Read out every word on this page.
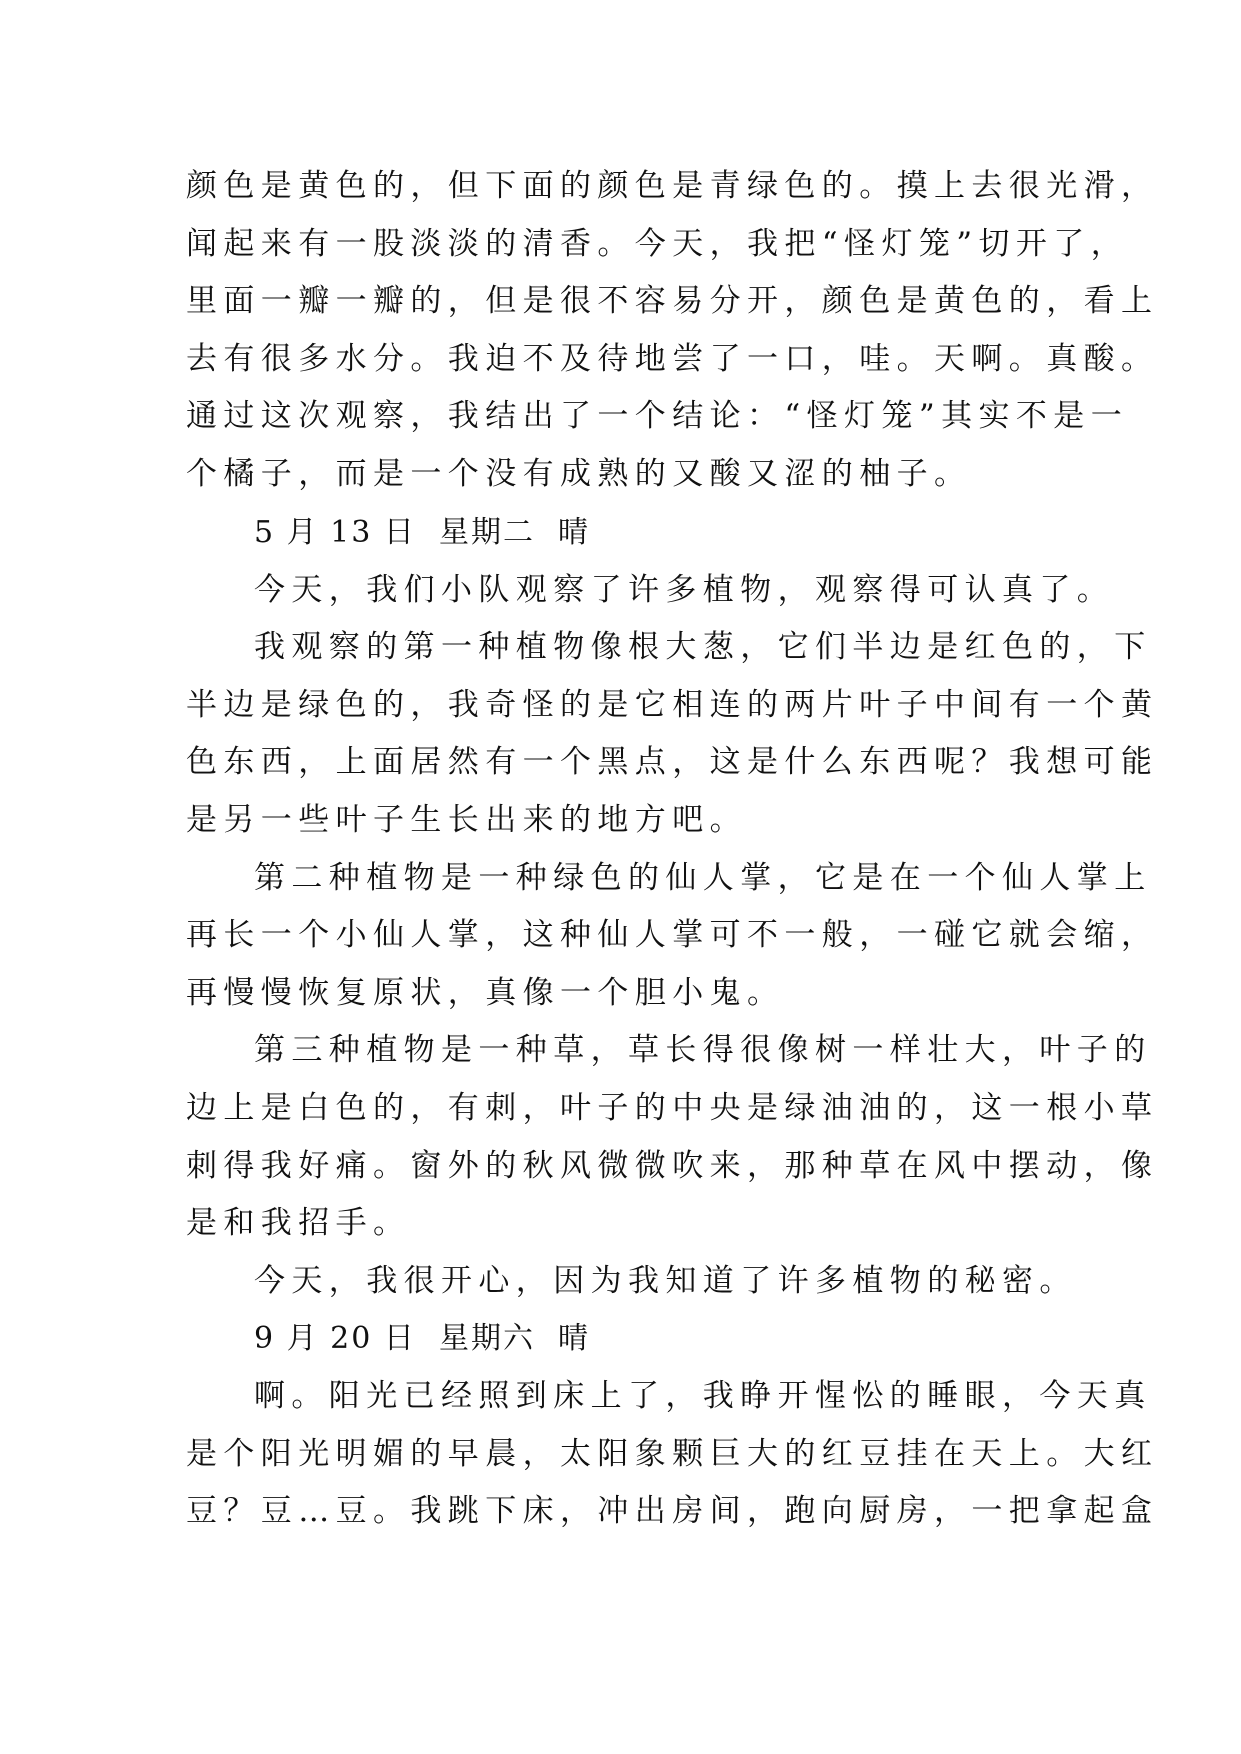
颜色是黄色的，但下面的颜色是青绿色的。摸上去很光滑，
闻起来有一股淡淡的清香。今天，我把“怪灯笼”切开了，
里面一瓣一瓣的，但是很不容易分开，颜色是黄色的，看上
去有很多水分。我迫不及待地尝了一口，哇。天啊。真酸。
通过这次观察，我结出了一个结论：“怪灯笼”其实不是一
个橘子，而是一个没有成熟的又酸又涩的柚子。
5 月 13 日  星期二  晴
今天，我们小队观察了许多植物，观察得可认真了。
我观察的第一种植物像根大葱，它们半边是红色的，下
半边是绿色的，我奇怪的是它相连的两片叶子中间有一个黄
色东西，上面居然有一个黑点，这是什么东西呢？我想可能
是另一些叶子生长出来的地方吧。
第二种植物是一种绿色的仙人掌，它是在一个仙人掌上
再长一个小仙人掌，这种仙人掌可不一般，一碰它就会缩，
再慢慢恢复原状，真像一个胆小鬼。
第三种植物是一种草，草长得很像树一样壮大，叶子的
边上是白色的，有刺，叶子的中央是绿油油的，这一根小草
刺得我好痛。窗外的秋风微微吹来，那种草在风中摆动，像
是和我招手。
今天，我很开心，因为我知道了许多植物的秘密。
9 月 20 日  星期六  晴
啊。阳光已经照到床上了，我睁开惺忪的睡眼，今天真
是个阳光明媚的早晨，太阳象颗巨大的红豆挂在天上。大红
豆？豆…豆。我跳下床，冲出房间，跑向厨房，一把拿起盒
